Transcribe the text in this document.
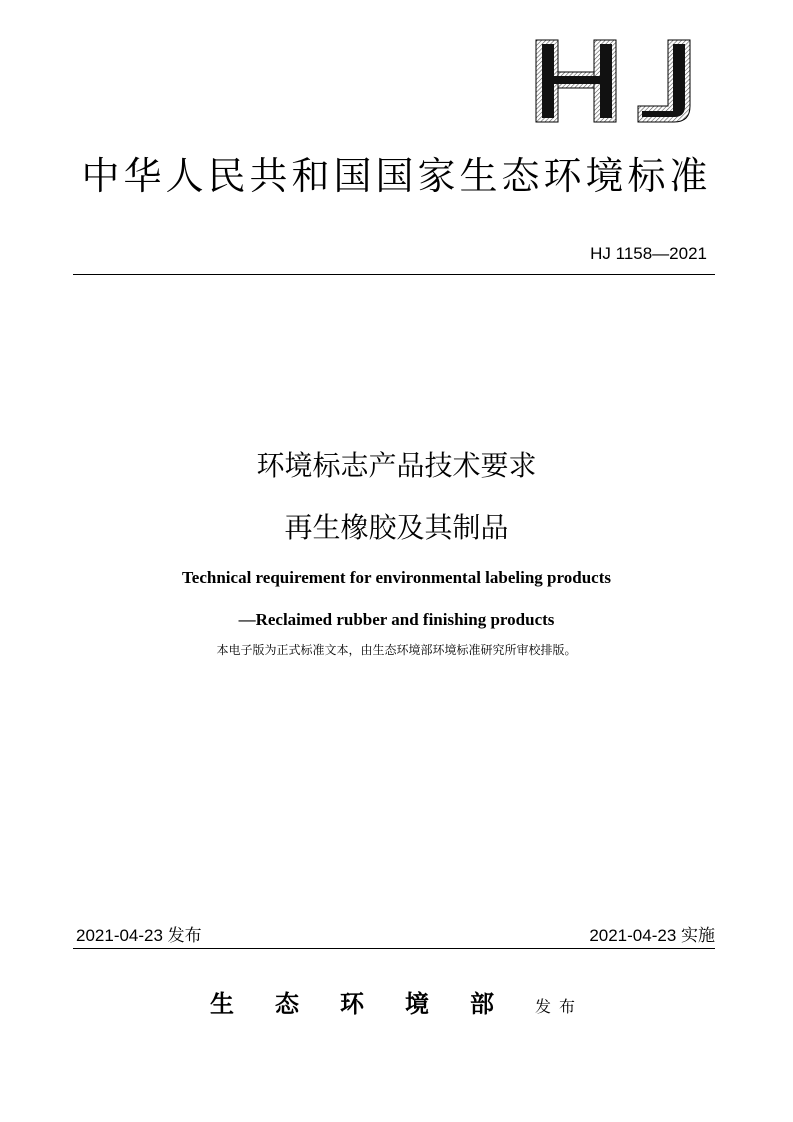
中华人民共和国国家生态环境标准
HJ 1158—2021
环境标志产品技术要求
再生橡胶及其制品
Technical requirement for environmental labeling products
—Reclaimed rubber and finishing products
本电子版为正式标准文本，由生态环境部环境标准研究所审校排版。
2021-04-23 发布	2021-04-23 实施
生态环境部发布
